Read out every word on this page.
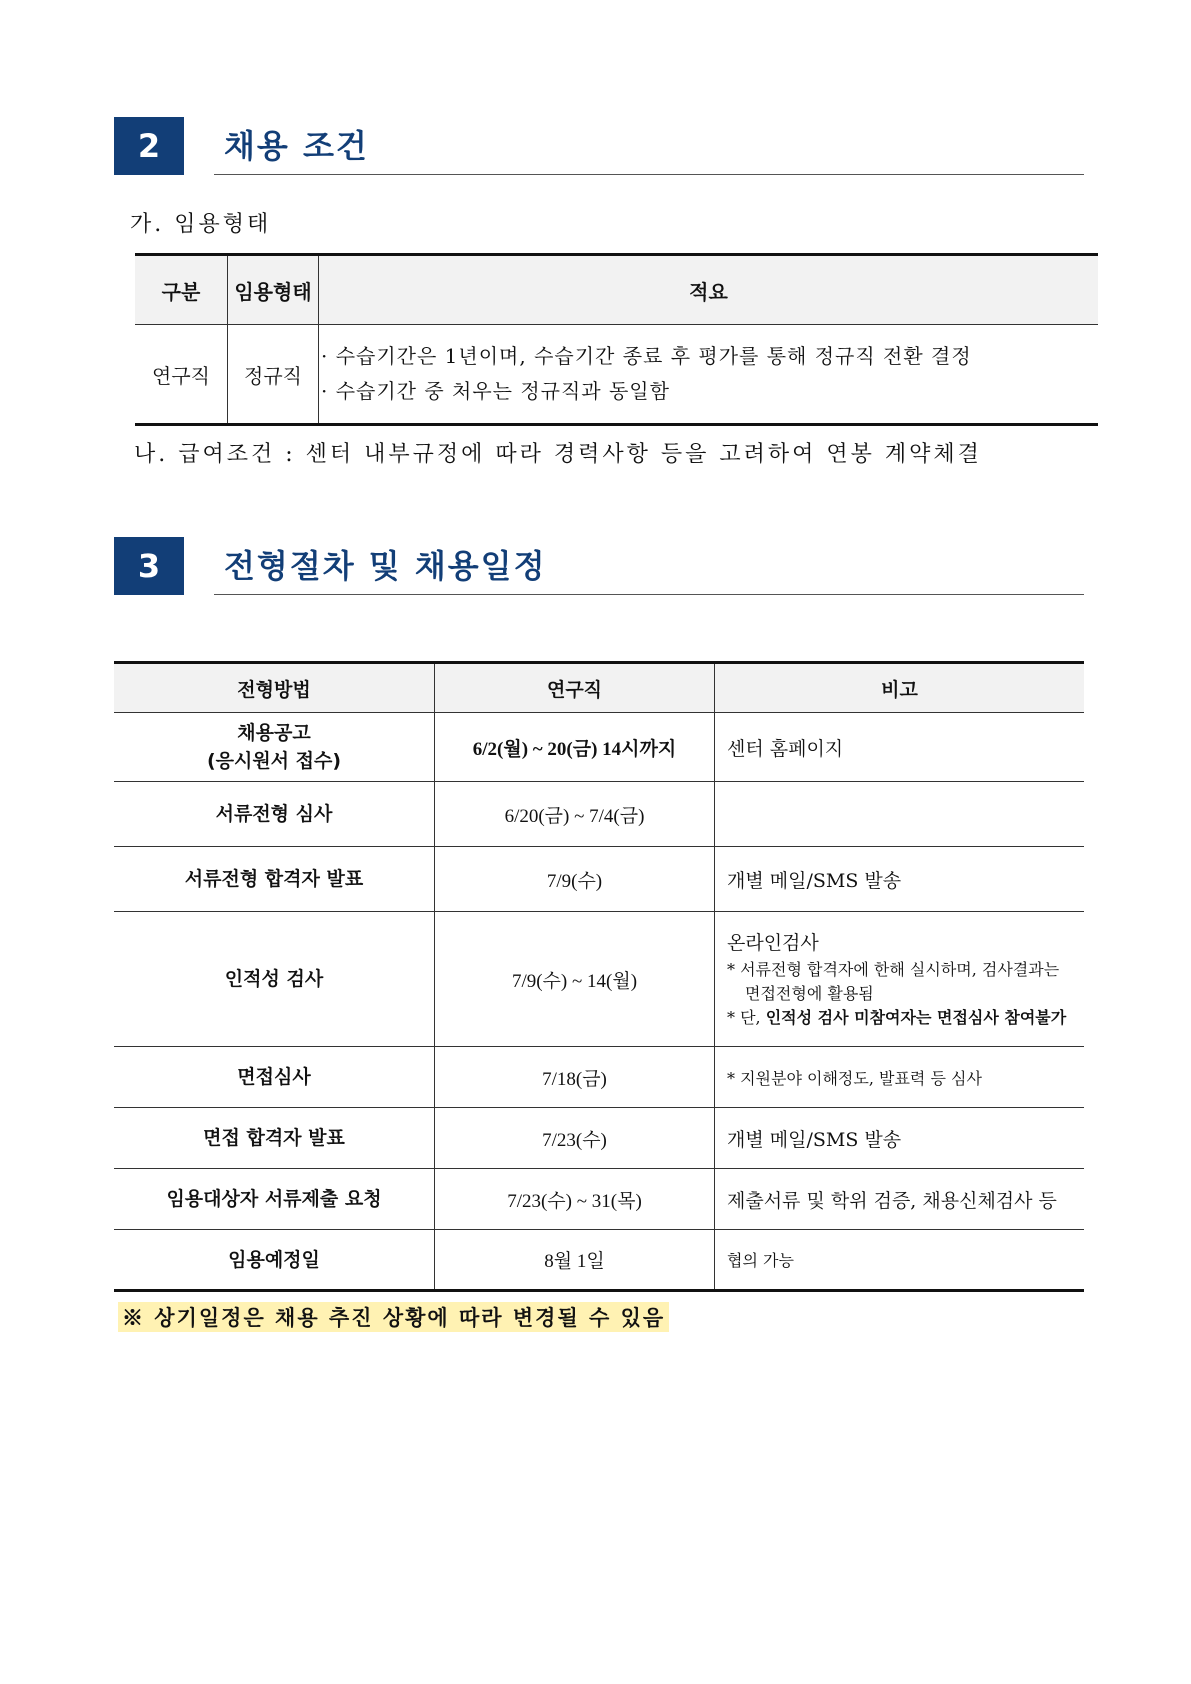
2	채용 조건
가. 임용형태
구분	임용형태	적요
연구직	정규직	· 수습기간은 1년이며, 수습기간 종료 후 평가를 통해 정규직 전환 결정
· 수습기간 중 처우는 정규직과 동일함
나. 급여조건 : 센터 내부규정에 따라 경력사항 등을 고려하여 연봉 계약체결
3	전형절차 및 채용일정
전형방법	연구직	비고

채용공고
(응시원서 접수)	6/2(월) ~ 20(금) 14시까지	센터 홈페이지
서류전형 심사	6/20(금) ~ 7/4(금)	
서류전형 합격자 발표	7/9(수)	개별 메일/SMS 발송
인적성 검사	7/9(수) ~ 14(월)	온라인검사
* 서류전형 합격자에 한해 실시하며, 검사결과는
면접전형에 활용됨
* 단, 인적성 검사 미참여자는 면접심사 참여불가

면접심사	7/18(금)	* 지원분야 이해정도, 발표력 등 심사
면접 합격자 발표	7/23(수)	개별 메일/SMS 발송
임용대상자 서류제출 요청	7/23(수) ~ 31(목)	제출서류 및 학위 검증, 채용신체검사 등
임용예정일	8월 1일	협의 가능
※ 상기일정은 채용 추진 상황에 따라 변경될 수 있음
